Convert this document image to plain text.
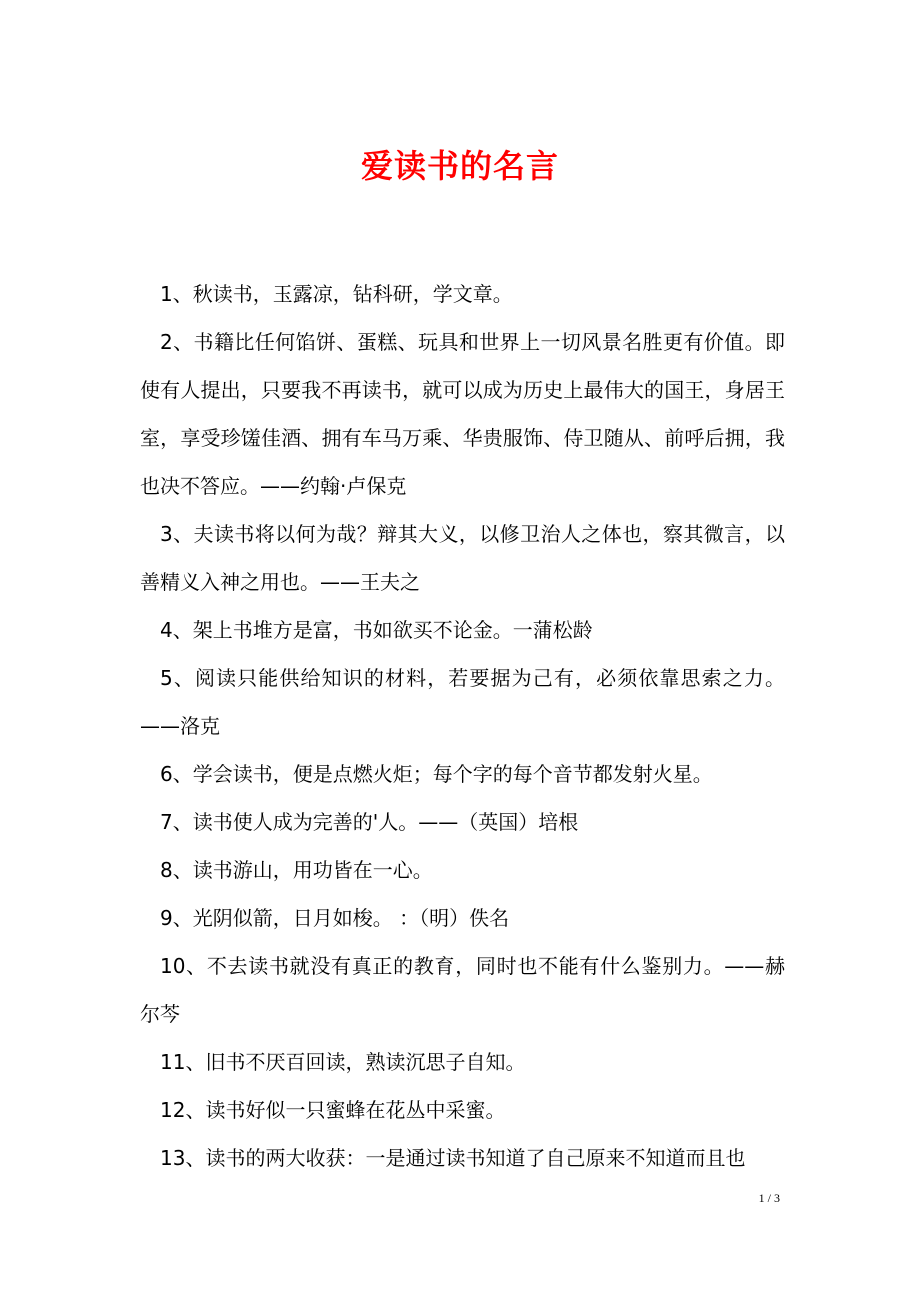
爱读书的名言

1、秋读书，玉露凉，钻科研，学文章。

2、书籍比任何馅饼、蛋糕、玩具和世界上一切风景名胜更有价值。即使有人提出，只要我不再读书，就可以成为历史上最伟大的国王，身居王室，享受珍馐佳酒、拥有车马万乘、华贵服饰、侍卫随从、前呼后拥，我也决不答应。——约翰·卢保克

3、夫读书将以何为哉？辩其大义，以修卫治人之体也，察其微言，以善精义入神之用也。——王夫之

4、架上书堆方是富，书如欲买不论金。一蒲松龄

5、阅读只能供给知识的材料，若要据为己有，必须依靠思索之力。——洛克

6、学会读书，便是点燃火炬；每个字的每个音节都发射火星。

7、读书使人成为完善的'人。——（英国）培根

8、读书游山，用功皆在一心。

9、光阴似箭，日月如梭。 ：（明）佚名

10、不去读书就没有真正的教育，同时也不能有什么鉴别力。——赫尔芩

11、旧书不厌百回读，熟读沉思子自知。

12、读书好似一只蜜蜂在花丛中采蜜。

13、读书的两大收获：一是通过读书知道了自己原来不知道而且也

1 / 3
